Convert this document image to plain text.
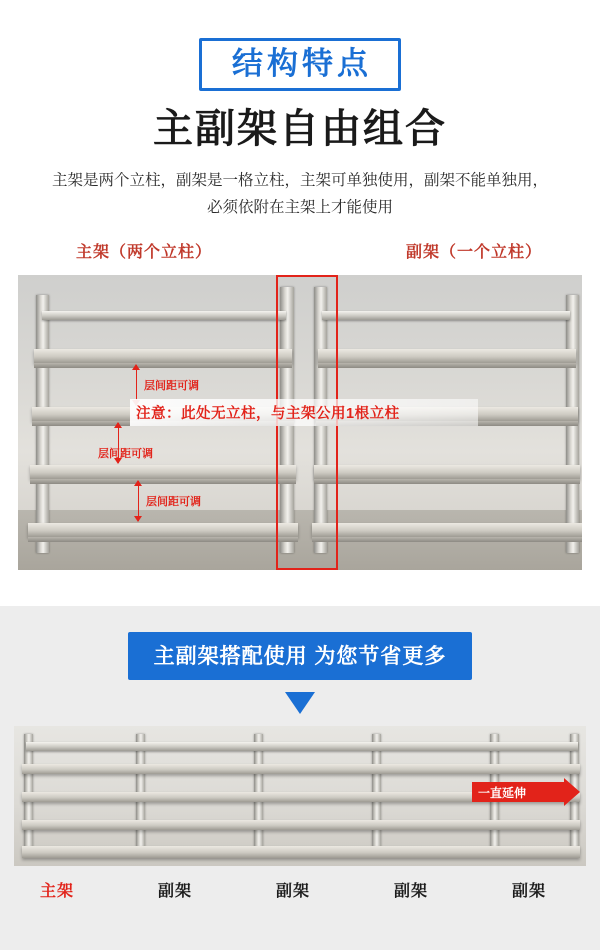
结构特点
主副架自由组合
主架是两个立柱，副架是一格立柱，主架可单独使用，副架不能单独用，
必须依附在主架上才能使用
主架（两个立柱）	副架（一个立柱）
层间距可调
层间距可调
层间距可调
注意：此处无立柱，与主架公用1根立柱
主副架搭配使用 为您节省更多
一直延伸
主架	副架	副架	副架	副架
